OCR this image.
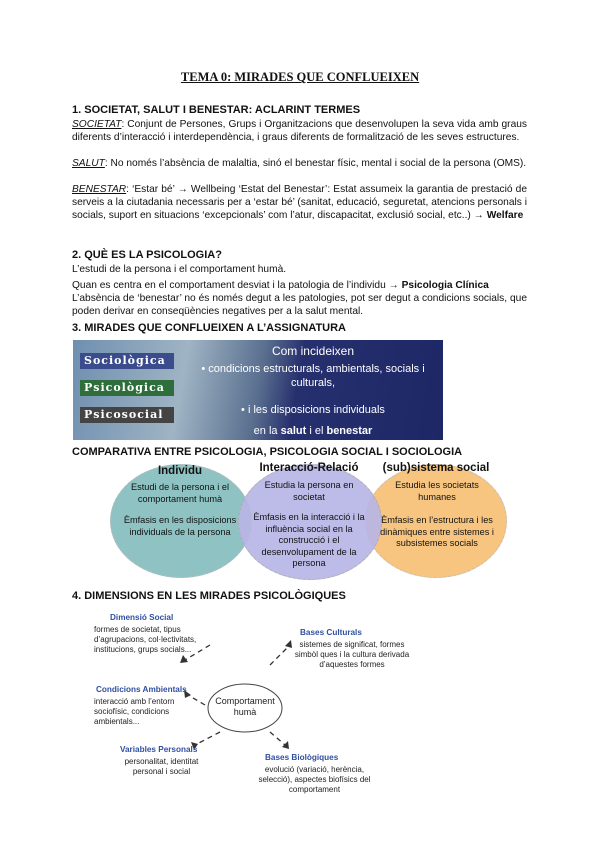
TEMA 0: MIRADES QUE CONFLUEIXEN
1. SOCIETAT, SALUT I BENESTAR: ACLARINT TERMES
SOCIETAT: Conjunt de Persones, Grups i Organitzacions que desenvolupen la seva vida amb graus diferents d’interacció i interdependència, i graus diferents de formalització de les seves estructures.
SALUT: No només l’absència de malaltia, sinó el benestar físic, mental i social de la persona (OMS).
BENESTAR: ‘Estar bé’ → Wellbeing ‘Estat del Benestar’: Estat assumeix la garantia de prestació de serveis a la ciutadania necessaris per a ‘estar bé’ (sanitat, educació, seguretat, atencions personals i socials, suport en situacions ‘excepcionals’ com l’atur, discapacitat, exclusió social, etc..) → Welfare
2. QUÈ ES LA PSICOLOGIA?
L’estudi de la persona i el comportament humà.
Quan es centra en el comportament desviat i la patologia de l’individu → Psicologia Clínica
L’absència de ‘benestar’ no és només degut a les patologies, pot ser degut a condicions socials, que poden derivar en conseqüències negatives per a la salut mental.
3. MIRADES QUE CONFLUEIXEN A L’ASSIGNATURA
Sociològica
Psicològica
Psicosocial
Com incideixen
• condicions estructurals, ambientals, socials i culturals,
• i les disposicions individuals
en la salut i el benestar
COMPARATIVA ENTRE PSICOLOGIA, PSICOLOGIA SOCIAL I SOCIOLOGIA
Individu
Estudi de la persona i el comportament humà
Èmfasis en les disposicions individuals de la persona
Interacció-Relació
Estudia la persona en societat
Èmfasis en la interacció i la influència social en la construcció i el desenvolupament de la persona
(sub)sistema social
Estudia les societats humanes
Èmfasis en l’estructura i les dinàmiques entre sistemes i subsistemes socials
4. DIMENSIONS EN LES MIRADES PSICOLÒGIQUES
Comportament humà
Dimensió Social
formes de societat, tipus d’agrupacions, col·lectivitats, institucions, grups socials...
Bases Culturals
sistemes de significat, formes simbòl ques i la cultura derivada d’aquestes formes
Condicions Ambientals
interacció amb l’entorn sociofísic, condicions ambientals...
Variables Personals
personalitat, identitat personal i social
Bases Biològiques
evolució (variació, herència, selecció), aspectes biofísics del comportament
